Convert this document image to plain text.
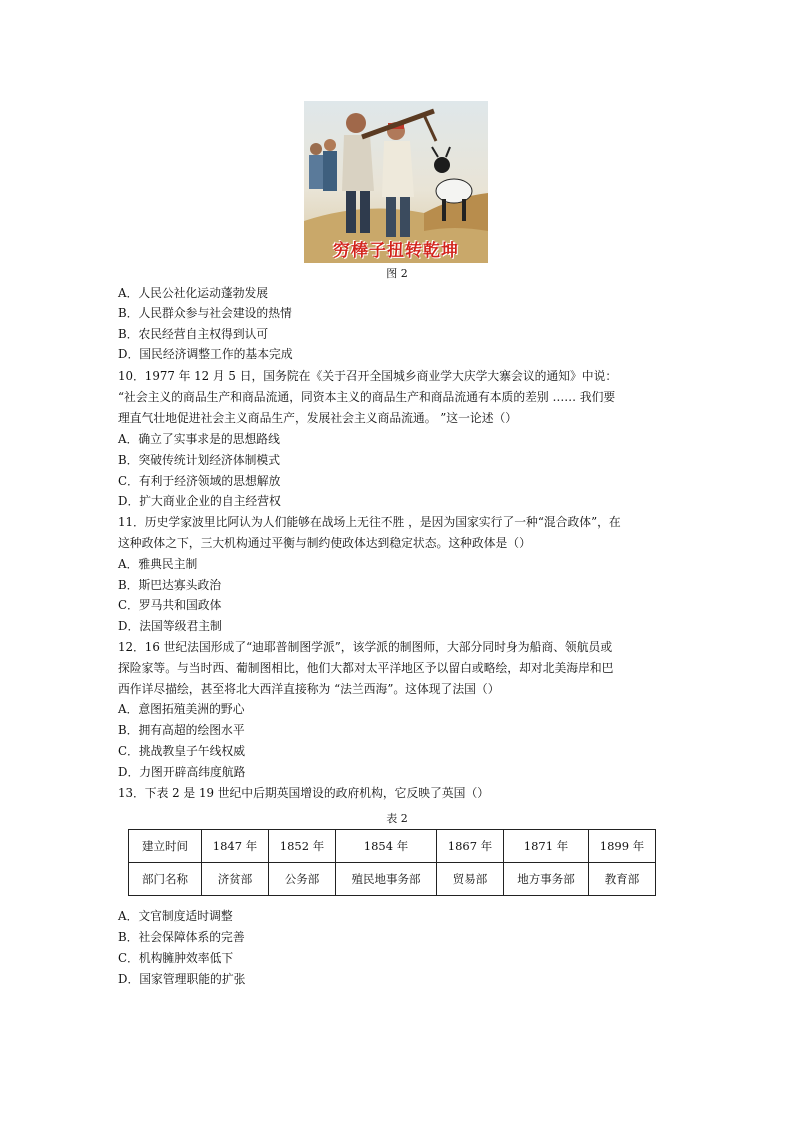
穷棒子扭转乾坤
图 2
A．人民公社化运动蓬勃发展
B．人民群众参与社会建设的热情
B．农民经营自主权得到认可
D．国民经济调整工作的基本完成
10．1977 年 12 月 5 日，国务院在《关于召开全国城乡商业学大庆学大寨会议的通知》中说：
“社会主义的商品生产和商品流通，同资本主义的商品生产和商品流通有本质的差别 …… 我们要
理直气壮地促进社会主义商品生产，发展社会主义商品流通。 ”这一论述（）
A．确立了实事求是的思想路线
B．突破传统计划经济体制模式
C．有利于经济领域的思想解放
D．扩大商业企业的自主经营权
11．历史学家波里比阿认为人们能够在战场上无往不胜 ，是因为国家实行了一种“混合政体”，在
这种政体之下，三大机构通过平衡与制约使政体达到稳定状态。这种政体是（）
A．雅典民主制
B．斯巴达寡头政治
C．罗马共和国政体
D．法国等级君主制
12．16 世纪法国形成了“迪耶普制图学派”，该学派的制图师，大部分同时身为船商、领航员或
探险家等。与当时西、葡制图相比，他们大都对太平洋地区予以留白或略绘，却对北美海岸和巴
西作详尽描绘，甚至将北大西洋直接称为 “法兰西海”。这体现了法国（）
A．意图拓殖美洲的野心
B．拥有高超的绘图水平
C．挑战教皇子午线权威
D．力图开辟高纬度航路
13．下表 2 是 19 世纪中后期英国增设的政府机构，它反映了英国（）
表 2
建立时间	1847 年	1852 年	1854 年	1867 年	1871 年	1899 年
部门名称	济贫部	公务部	殖民地事务部	贸易部	地方事务部	教育部
A．文官制度适时调整
B．社会保障体系的完善
C．机构臃肿效率低下
D．国家管理职能的扩张
